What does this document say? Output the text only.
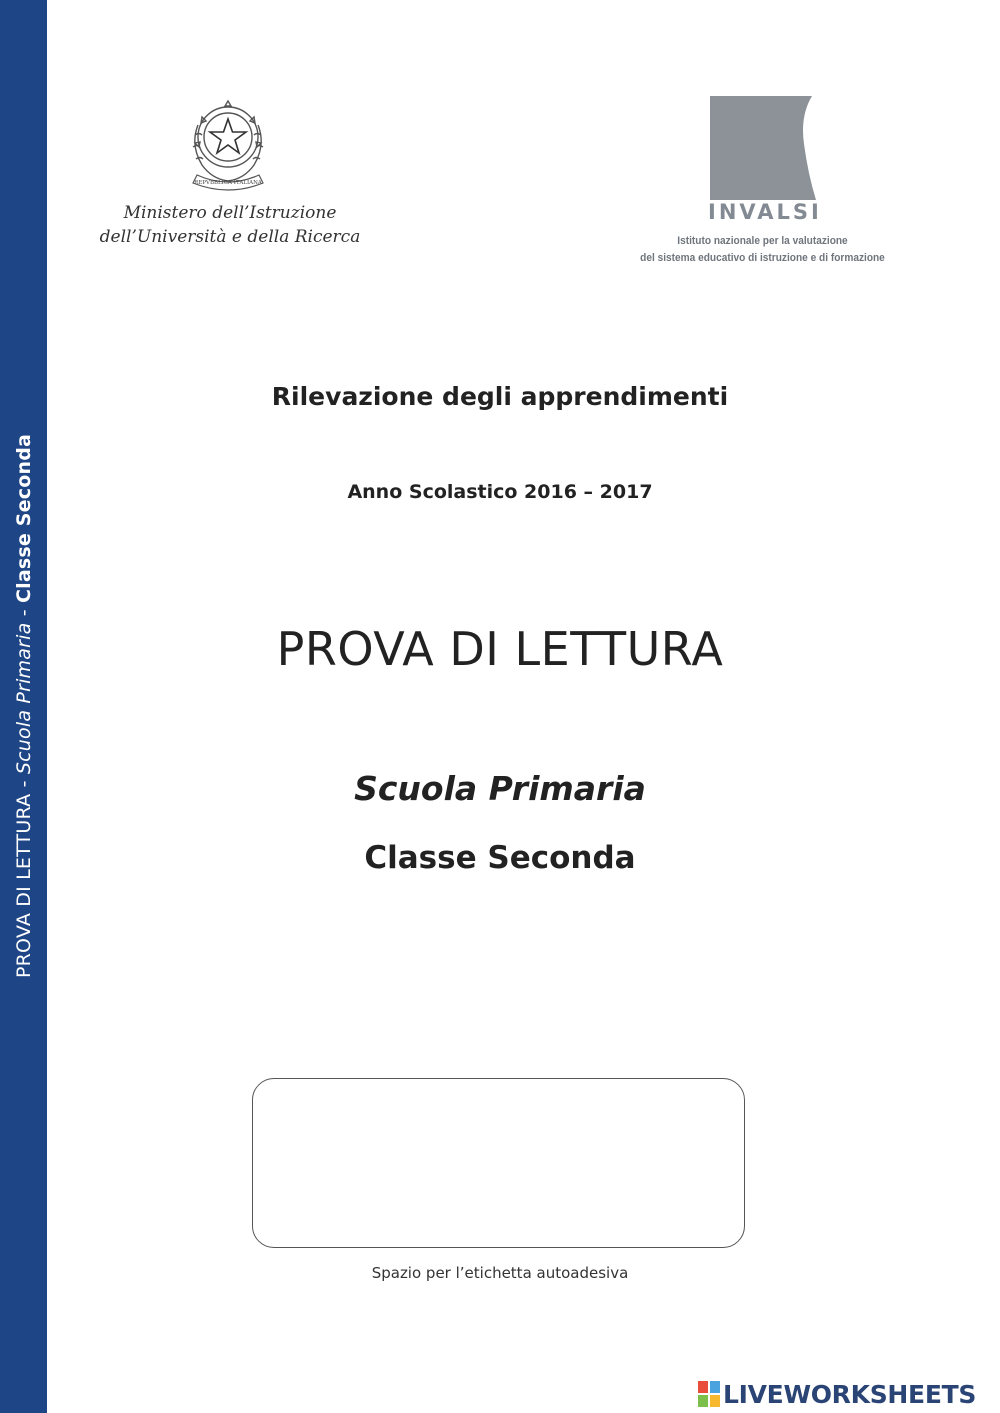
PROVA DI LETTURA - Scuola Primaria - Classe Seconda
REPVBBLICA ITALIANA
Ministero dell’Istruzione
dell’Università e della Ricerca
INVALSI
Istituto nazionale per la valutazione
del sistema educativo di istruzione e di formazione
Rilevazione degli apprendimenti
Anno Scolastico 2016 – 2017
PROVA DI LETTURA
Scuola Primaria
Classe Seconda
Spazio per l’etichetta autoadesiva
LIVEWORKSHEETS
